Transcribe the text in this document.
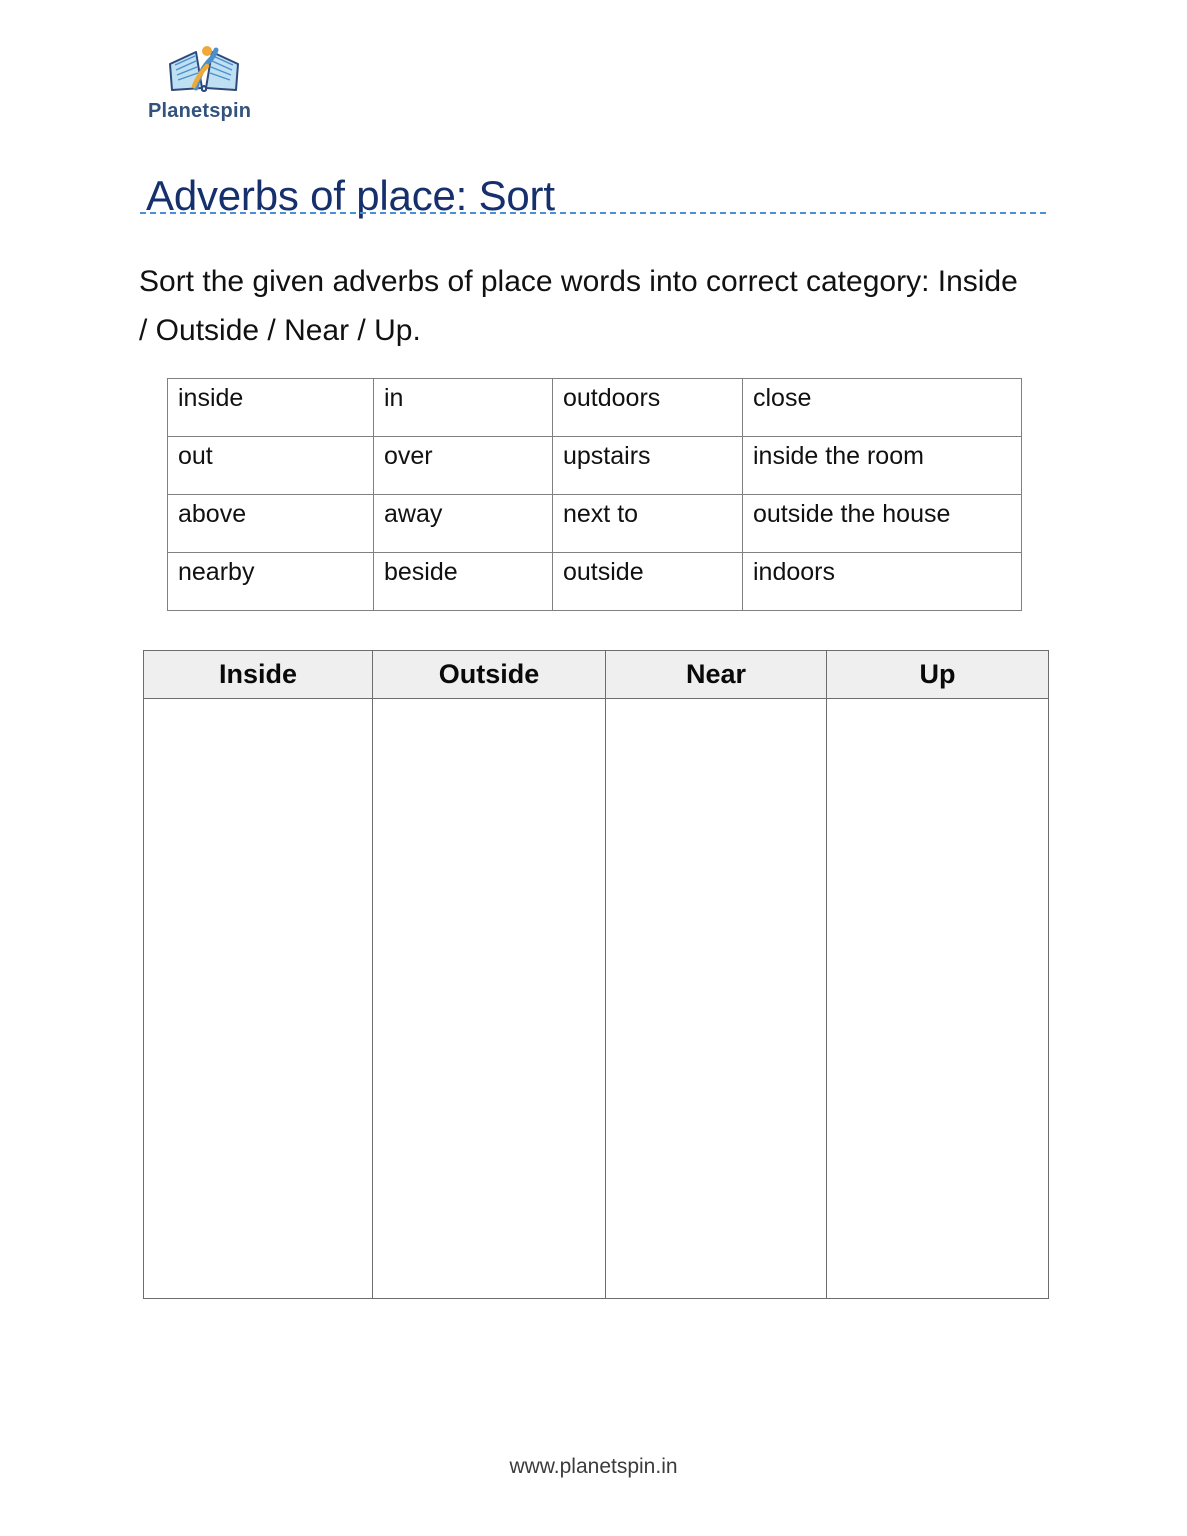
Planetspin
Adverbs of place: Sort

Sort the given adverbs of place words into correct category: Inside / Outside / Near / Up.

inside	in	outdoors	close
out	over	upstairs	inside the room
above	away	next to	outside the house
nearby	beside	outside	indoors
Inside	Outside	Near	Up

www.planetspin.in
